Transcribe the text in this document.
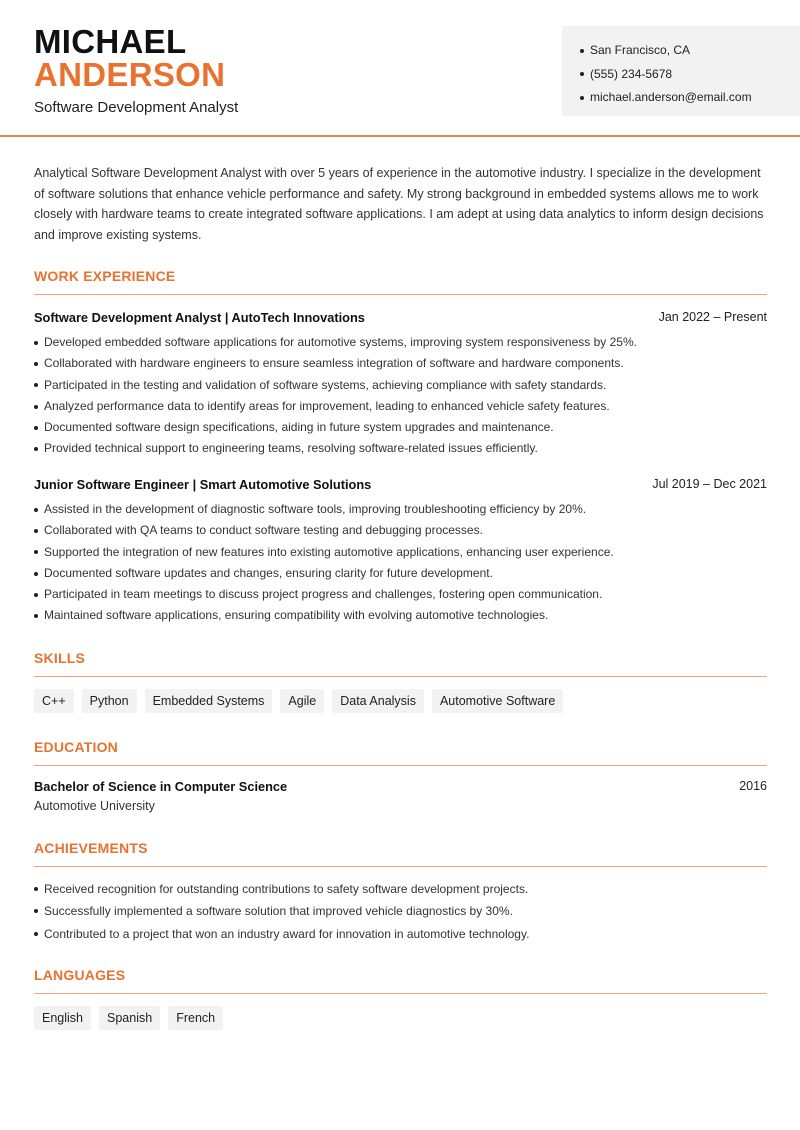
MICHAEL
ANDERSON
Software Development Analyst
San Francisco, CA
(555) 234-5678
michael.anderson@email.com
Analytical Software Development Analyst with over 5 years of experience in the automotive industry. I specialize in the development of software solutions that enhance vehicle performance and safety. My strong background in embedded systems allows me to work closely with hardware teams to create integrated software applications. I am adept at using data analytics to inform design decisions and improve existing systems.
WORK EXPERIENCE
Software Development Analyst | AutoTech Innovations	Jan 2022 – Present
Developed embedded software applications for automotive systems, improving system responsiveness by 25%.
Collaborated with hardware engineers to ensure seamless integration of software and hardware components.
Participated in the testing and validation of software systems, achieving compliance with safety standards.
Analyzed performance data to identify areas for improvement, leading to enhanced vehicle safety features.
Documented software design specifications, aiding in future system upgrades and maintenance.
Provided technical support to engineering teams, resolving software-related issues efficiently.
Junior Software Engineer | Smart Automotive Solutions	Jul 2019 – Dec 2021
Assisted in the development of diagnostic software tools, improving troubleshooting efficiency by 20%.
Collaborated with QA teams to conduct software testing and debugging processes.
Supported the integration of new features into existing automotive applications, enhancing user experience.
Documented software updates and changes, ensuring clarity for future development.
Participated in team meetings to discuss project progress and challenges, fostering open communication.
Maintained software applications, ensuring compatibility with evolving automotive technologies.
SKILLS
C++	Python	Embedded Systems	Agile	Data Analysis	Automotive Software
EDUCATION
Bachelor of Science in Computer Science	2016
Automotive University
ACHIEVEMENTS
Received recognition for outstanding contributions to safety software development projects.
Successfully implemented a software solution that improved vehicle diagnostics by 30%.
Contributed to a project that won an industry award for innovation in automotive technology.
LANGUAGES
English	Spanish	French
